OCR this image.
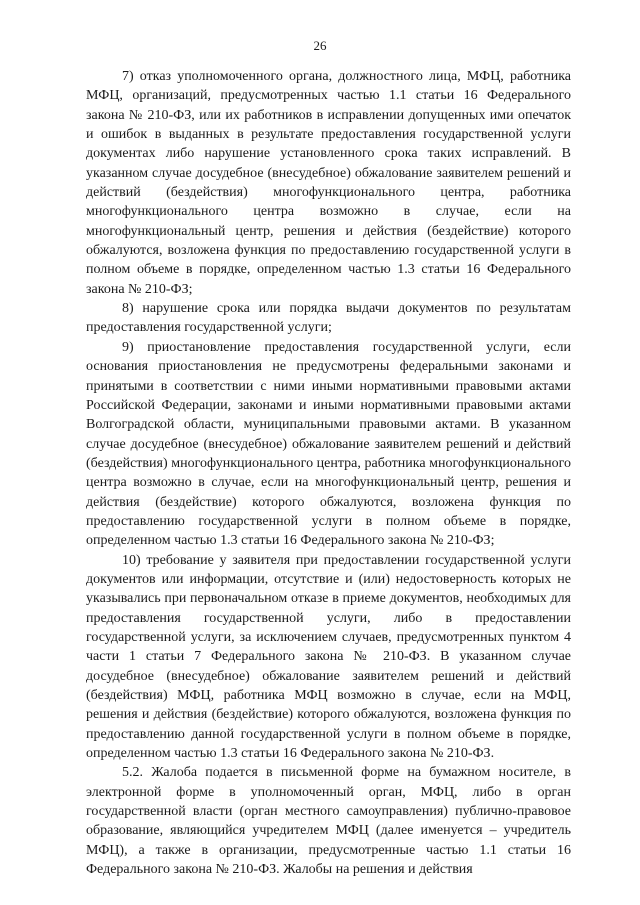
26

7) отказ уполномоченного органа, должностного лица, МФЦ, работника МФЦ, организаций, предусмотренных частью 1.1 статьи 16 Федерального закона № 210-ФЗ, или их работников в исправлении допущенных ими опечаток и ошибок в выданных в результате предоставления государственной услуги документах либо нарушение установленного срока таких исправлений. В указанном случае досудебное (внесудебное) обжалование заявителем решений и действий (бездействия) многофункционального центра, работника многофункционального центра возможно в случае, если на многофункциональный центр, решения и действия (бездействие) которого обжалуются, возложена функция по предоставлению государственной услуги в полном объеме в порядке, определенном частью 1.3 статьи 16 Федерального закона № 210-ФЗ;

8) нарушение срока или порядка выдачи документов по результатам предоставления государственной услуги;

9) приостановление предоставления государственной услуги, если основания приостановления не предусмотрены федеральными законами и принятыми в соответствии с ними иными нормативными правовыми актами Российской Федерации, законами и иными нормативными правовыми актами Волгоградской области, муниципальными правовыми актами. В указанном случае досудебное (внесудебное) обжалование заявителем решений и действий (бездействия) многофункционального центра, работника многофункционального центра возможно в случае, если на многофункциональный центр, решения и действия (бездействие) которого обжалуются, возложена функция по предоставлению государственной услуги в полном объеме в порядке, определенном частью 1.3 статьи 16 Федерального закона № 210-ФЗ;

10) требование у заявителя при предоставлении государственной услуги документов или информации, отсутствие и (или) недостоверность которых не указывались при первоначальном отказе в приеме документов, необходимых для предоставления государственной услуги, либо в предоставлении государственной услуги, за исключением случаев, предусмотренных пунктом 4 части 1 статьи 7 Федерального закона № 210-ФЗ. В указанном случае досудебное (внесудебное) обжалование заявителем решений и действий (бездействия) МФЦ, работника МФЦ возможно в случае, если на МФЦ, решения и действия (бездействие) которого обжалуются, возложена функция по предоставлению данной государственной услуги в полном объеме в порядке, определенном частью 1.3 статьи 16 Федерального закона № 210-ФЗ.

5.2. Жалоба подается в письменной форме на бумажном носителе, в электронной форме в уполномоченный орган, МФЦ, либо в орган государственной власти (орган местного самоуправления) публично-правовое образование, являющийся учредителем МФЦ (далее именуется – учредитель МФЦ), а также в организации, предусмотренные частью 1.1 статьи 16 Федерального закона № 210-ФЗ. Жалобы на решения и действия
